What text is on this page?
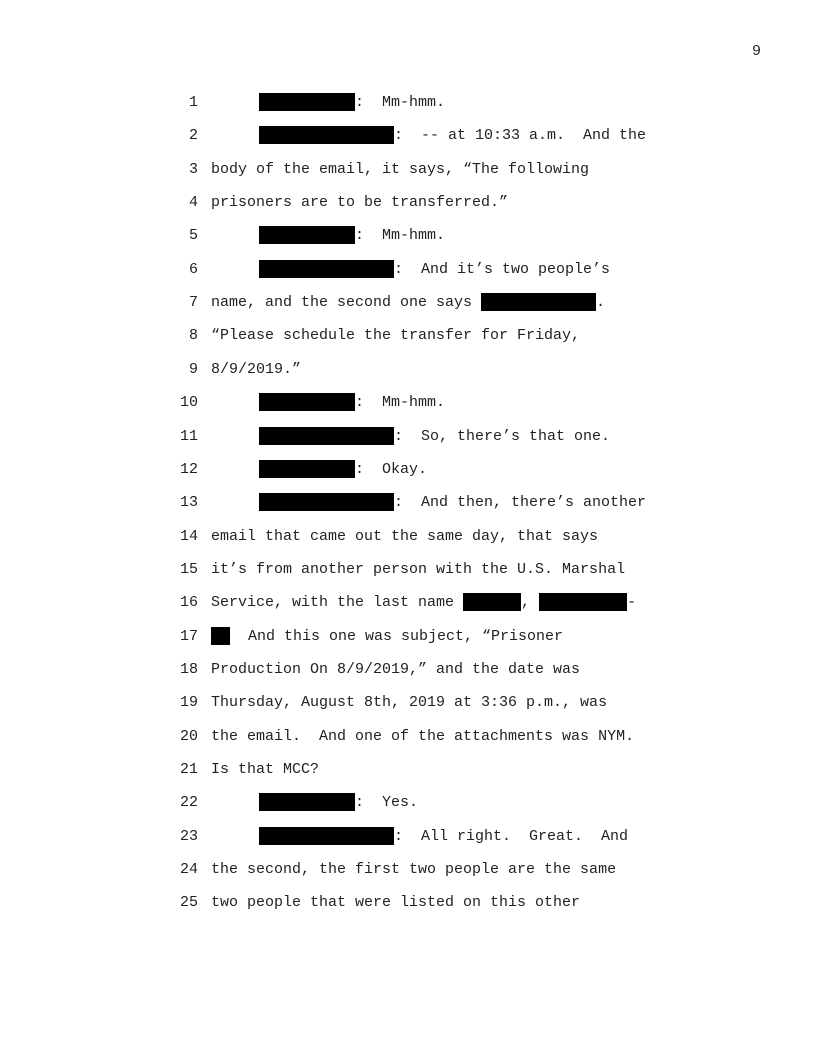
9
1	:  Mm-hmm.
2	:  -- at 10:33 a.m.  And the
3 body of the email, it says, “The following
4 prisoners are to be transferred.”
5	:  Mm-hmm.
6	:  And it’s two people’s
7 name, and the second one says	.
8 “Please schedule the transfer for Friday,
9 8/9/2019.”
10	:  Mm-hmm.
11	:  So, there’s that one.
12	:  Okay.
13	:  And then, there’s another
14 email that came out the same day, that says
15 it’s from another person with the U.S. Marshal
16 Service, with the last name	,	-
17	And this one was subject, “Prisoner
18 Production On 8/9/2019,” and the date was
19 Thursday, August 8th, 2019 at 3:36 p.m., was
20 the email.  And one of the attachments was NYM.
21 Is that MCC?
22	:  Yes.
23	:  All right.  Great.  And
24 the second, the first two people are the same
25 two people that were listed on this other
